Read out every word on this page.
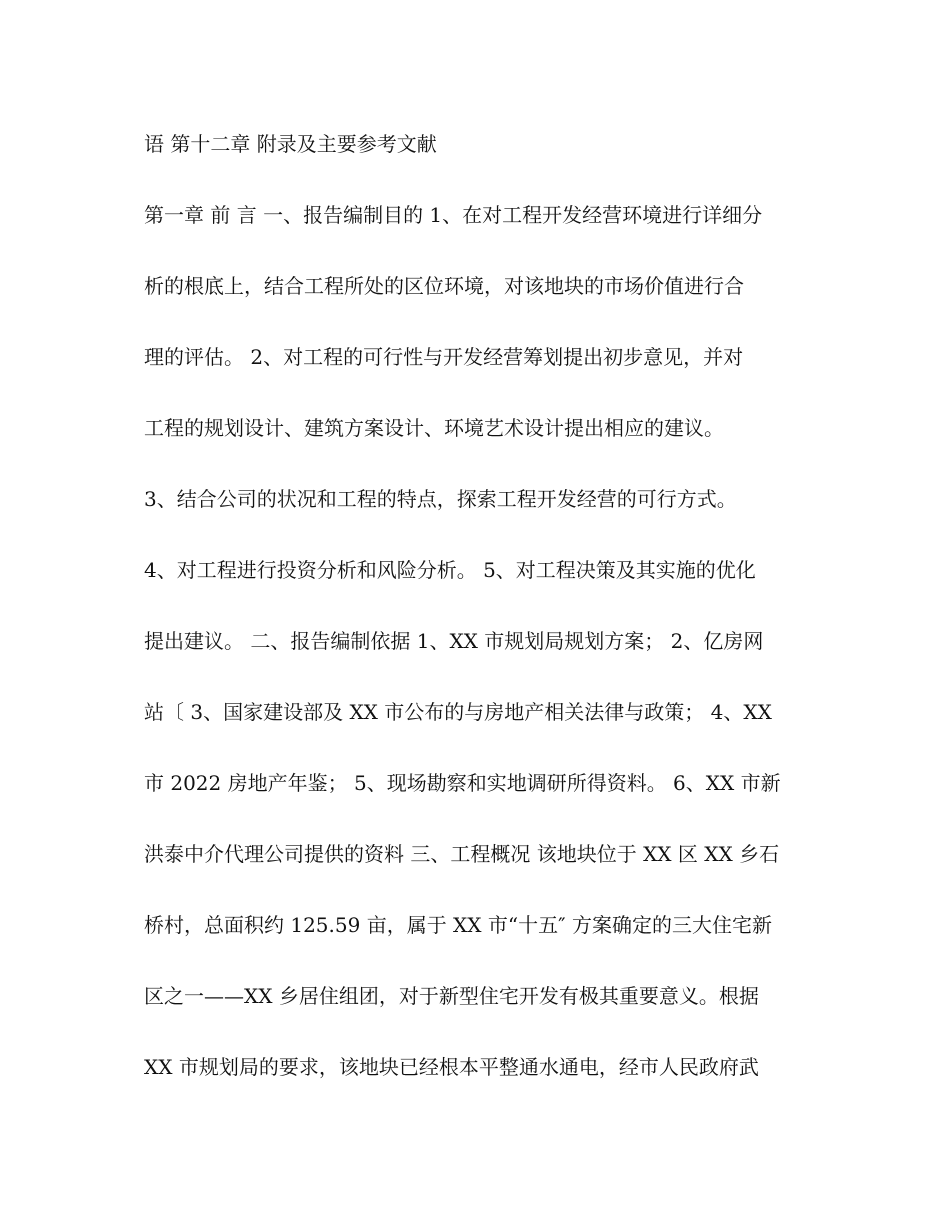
语 第十二章 附录及主要参考文献
第一章 前 言 一、报告编制目的 1、在对工程开发经营环境进行详细分
析的根底上，结合工程所处的区位环境，对该地块的市场价值进行合
理的评估。 2、对工程的可行性与开发经营筹划提出初步意见，并对
工程的规划设计、建筑方案设计、环境艺术设计提出相应的建议。
3、结合公司的状况和工程的特点，探索工程开发经营的可行方式。
4、对工程进行投资分析和风险分析。 5、对工程决策及其实施的优化
提出建议。 二、报告编制依据 1、XX 市规划局规划方案； 2、亿房网
站〔 3、国家建设部及 XX 市公布的与房地产相关法律与政策； 4、XX
市 2022 房地产年鉴； 5、现场勘察和实地调研所得资料。 6、XX 市新
洪泰中介代理公司提供的资料 三、工程概况 该地块位于 XX 区 XX 乡石
桥村，总面积约 125.59 亩，属于 XX 市“十五″ 方案确定的三大住宅新
区之一——XX 乡居住组团，对于新型住宅开发有极其重要意义。根据
XX 市规划局的要求，该地块已经根本平整通水通电，经市人民政府武
